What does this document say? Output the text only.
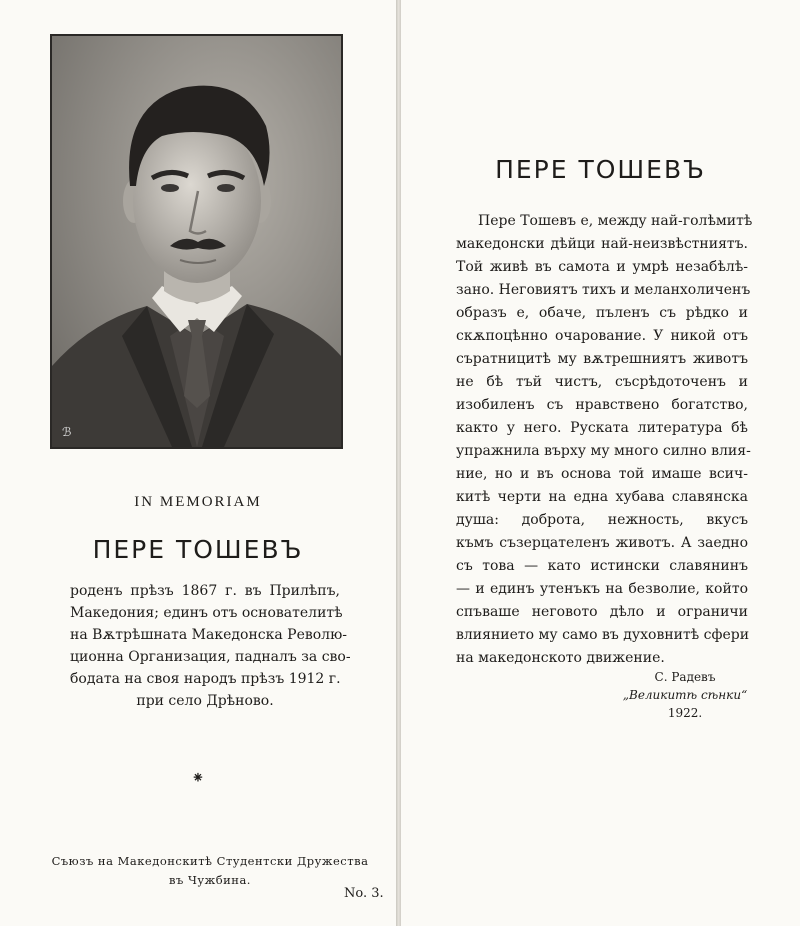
ℬ
IN MEMORIAM
ПЕРЕ ТОШЕВЪ
роденъ прѣзъ 1867 г. въ Прилѣпъ,
Македония; единъ отъ основателитѣ
на Вѫтрѣшната Македонска Револю-
ционна Организация, падналъ за сво-
бодата на своя народъ прѣзъ 1912 г.
при село Дрѣново.
⁕
Съюзъ на Македонскитѣ Студентски Дружества
въ Чужбина.
No. 3.
ПЕРЕ ТОШЕВЪ
Пере Тошевъ е, между най-голѣмитѣ
македонски дѣйци най-неизвѣстниятъ.
Той живѣ въ самота и умрѣ незабѣлѣ-
зано. Неговиятъ тихъ и меланхоличенъ
образъ е, обаче, пъленъ съ рѣдко и
скѫпоцѣнно очарование. У никой отъ
съратницитѣ му вѫтрешниятъ животъ
не бѣ тъй чистъ, съсрѣдоточенъ и
изобиленъ съ нравствено богатство,
както у него. Руската литература бѣ
упражнила върху му много силно влия-
ние, но и въ основа той имаше всич-
китѣ черти на една хубава славянска
душа: доброта, нежность, вкусъ
къмъ съзерцателенъ животъ. А заедно
съ това — като истински славянинъ
— и единъ утенъкъ на безволие, който
спъваше неговото дѣло и ограничи
влиянието му само въ духовнитѣ сфери
на македонското движение.
С. Радевъ
„Великитѣ сѣнки“
1922.
